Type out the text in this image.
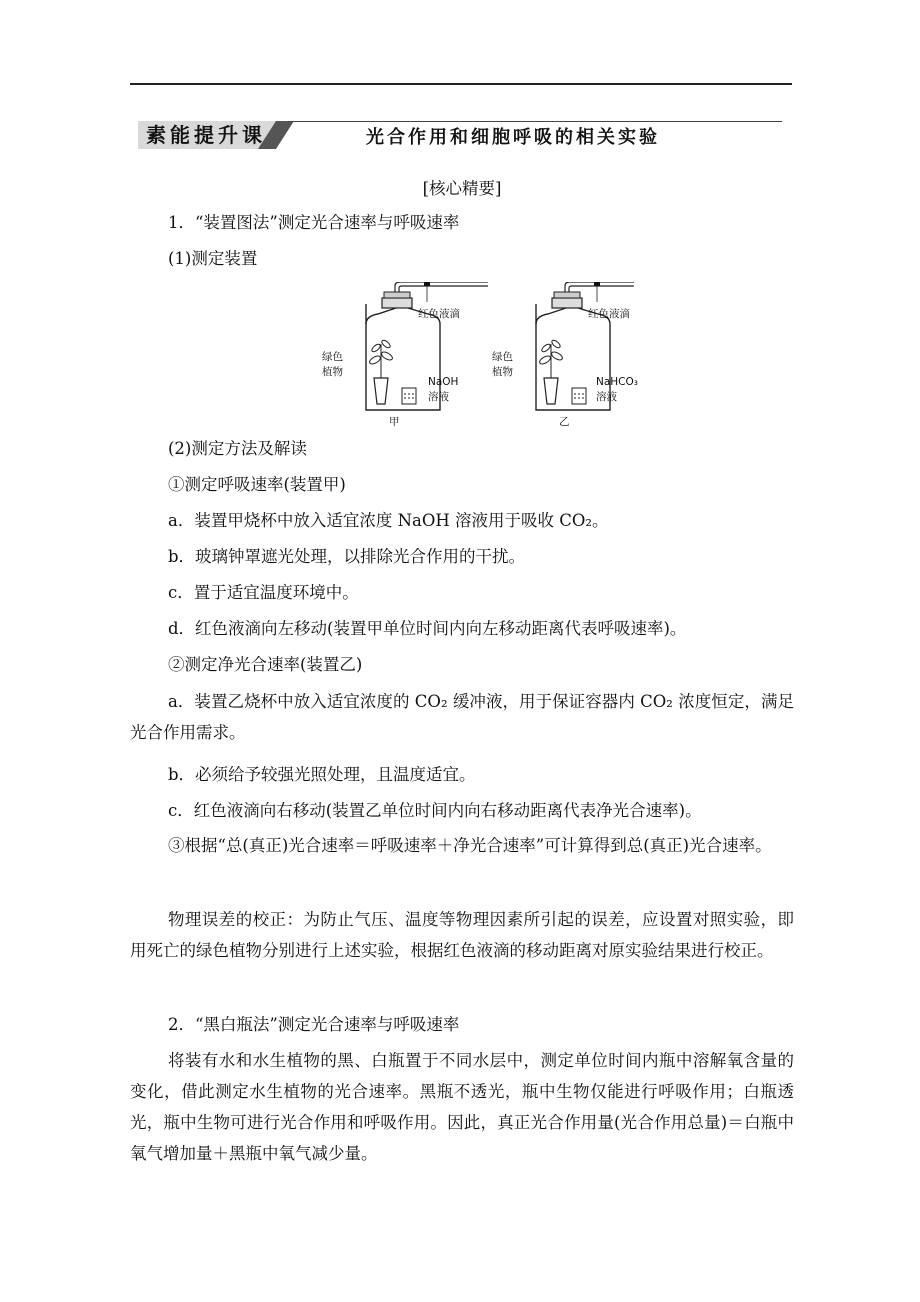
素能提升课	光合作用和细胞呼吸的相关实验
[核心精要]
1．“装置图法”测定光合速率与呼吸速率
(1)测定装置
红色液滴
绿色
植物
NaOH
溶液
甲
红色液滴
绿色
植物
NaHCO₃
溶液
乙
(2)测定方法及解读
①测定呼吸速率(装置甲)
a．装置甲烧杯中放入适宜浓度 NaOH 溶液用于吸收 CO₂。
b．玻璃钟罩遮光处理，以排除光合作用的干扰。
c．置于适宜温度环境中。
d．红色液滴向左移动(装置甲单位时间内向左移动距离代表呼吸速率)。
②测定净光合速率(装置乙)
a．装置乙烧杯中放入适宜浓度的 CO₂ 缓冲液，用于保证容器内 CO₂ 浓度恒定，满足光合作用需求。
b．必须给予较强光照处理，且温度适宜。
c．红色液滴向右移动(装置乙单位时间内向右移动距离代表净光合速率)。
③根据“总(真正)光合速率＝呼吸速率＋净光合速率”可计算得到总(真正)光合速率。
物理误差的校正：为防止气压、温度等物理因素所引起的误差，应设置对照实验，即用死亡的绿色植物分别进行上述实验，根据红色液滴的移动距离对原实验结果进行校正。
2．“黑白瓶法”测定光合速率与呼吸速率
将装有水和水生植物的黑、白瓶置于不同水层中，测定单位时间内瓶中溶解氧含量的变化，借此测定水生植物的光合速率。黑瓶不透光，瓶中生物仅能进行呼吸作用；白瓶透光，瓶中生物可进行光合作用和呼吸作用。因此，真正光合作用量(光合作用总量)＝白瓶中氧气增加量＋黑瓶中氧气减少量。
